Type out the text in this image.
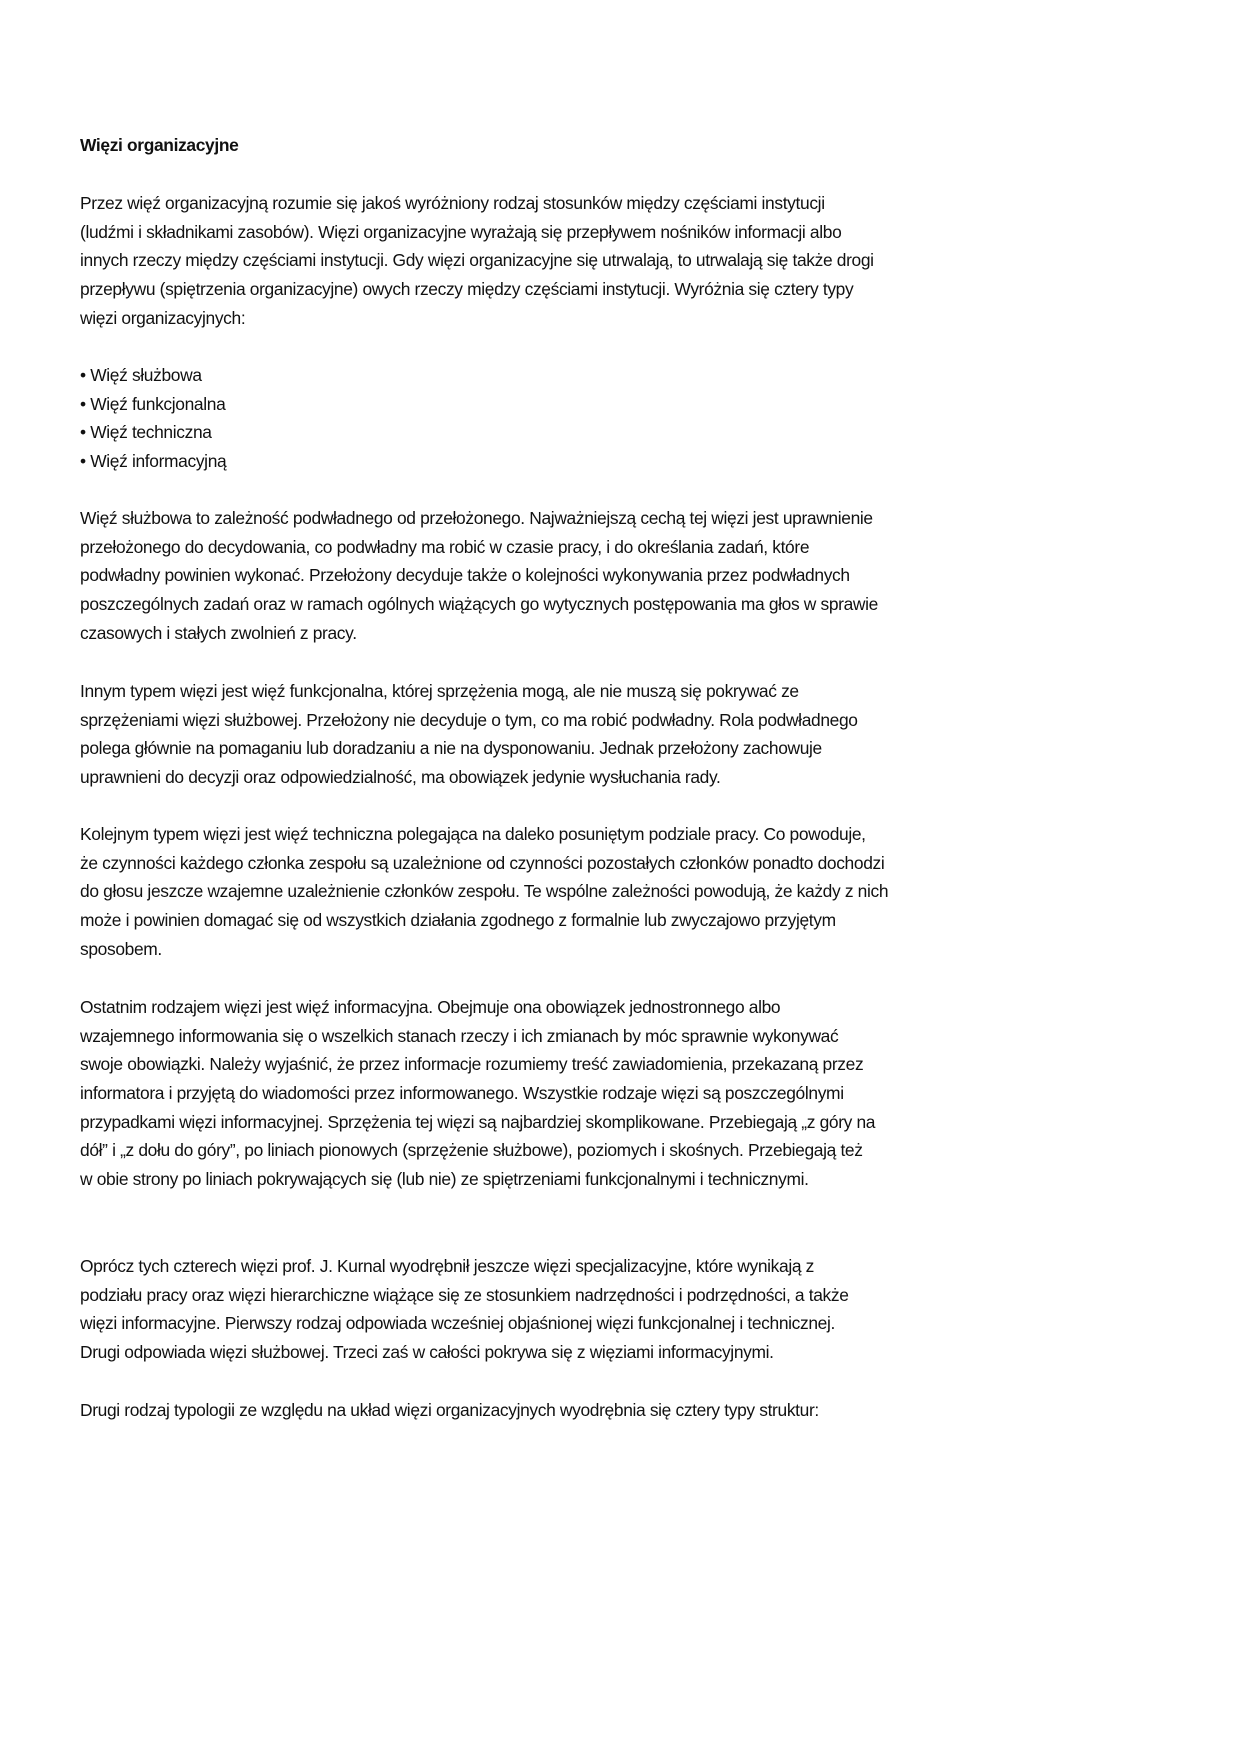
Więzi organizacyjne
Przez więź organizacyjną rozumie się jakoś wyróżniony rodzaj stosunków między częściami instytucji
(ludźmi i składnikami zasobów). Więzi organizacyjne wyrażają się przepływem nośników informacji albo
innych rzeczy między częściami instytucji. Gdy więzi organizacyjne się utrwalają, to utrwalają się także drogi
przepływu (spiętrzenia organizacyjne) owych rzeczy między częściami instytucji. Wyróżnia się cztery typy
więzi organizacyjnych:
• Więź służbowa
• Więź funkcjonalna
• Więź techniczna
• Więź informacyjną
Więź służbowa to zależność podwładnego od przełożonego. Najważniejszą cechą tej więzi jest uprawnienie
przełożonego do decydowania, co podwładny ma robić w czasie pracy, i do określania zadań, które
podwładny powinien wykonać. Przełożony decyduje także o kolejności wykonywania przez podwładnych
poszczególnych zadań oraz w ramach ogólnych wiążących go wytycznych postępowania ma głos w sprawie
czasowych i stałych zwolnień z pracy.
Innym typem więzi jest więź funkcjonalna, której sprzężenia mogą, ale nie muszą się pokrywać ze
sprzężeniami więzi służbowej. Przełożony nie decyduje o tym, co ma robić podwładny. Rola podwładnego
polega głównie na pomaganiu lub doradzaniu a nie na dysponowaniu. Jednak przełożony zachowuje
uprawnieni do decyzji oraz odpowiedzialność, ma obowiązek jedynie wysłuchania rady.
Kolejnym typem więzi jest więź techniczna polegająca na daleko posuniętym podziale pracy. Co powoduje,
że czynności każdego członka zespołu są uzależnione od czynności pozostałych członków ponadto dochodzi
do głosu jeszcze wzajemne uzależnienie członków zespołu. Te wspólne zależności powodują, że każdy z nich
może i powinien domagać się od wszystkich działania zgodnego z formalnie lub zwyczajowo przyjętym
sposobem.
Ostatnim rodzajem więzi jest więź informacyjna. Obejmuje ona obowiązek jednostronnego albo
wzajemnego informowania się o wszelkich stanach rzeczy i ich zmianach by móc sprawnie wykonywać
swoje obowiązki. Należy wyjaśnić, że przez informacje rozumiemy treść zawiadomienia, przekazaną przez
informatora i przyjętą do wiadomości przez informowanego. Wszystkie rodzaje więzi są poszczególnymi
przypadkami więzi informacyjnej. Sprzężenia tej więzi są najbardziej skomplikowane. Przebiegają „z góry na
dół” i „z dołu do góry”, po liniach pionowych (sprzężenie służbowe), poziomych i skośnych. Przebiegają też
w obie strony po liniach pokrywających się (lub nie) ze spiętrzeniami funkcjonalnymi i technicznymi.
Oprócz tych czterech więzi prof. J. Kurnal wyodrębnił jeszcze więzi specjalizacyjne, które wynikają z
podziału pracy oraz więzi hierarchiczne wiążące się ze stosunkiem nadrzędności i podrzędności, a także
więzi informacyjne. Pierwszy rodzaj odpowiada wcześniej objaśnionej więzi funkcjonalnej i technicznej.
Drugi odpowiada więzi służbowej. Trzeci zaś w całości pokrywa się z więziami informacyjnymi.
Drugi rodzaj typologii ze względu na układ więzi organizacyjnych wyodrębnia się cztery typy struktur:
